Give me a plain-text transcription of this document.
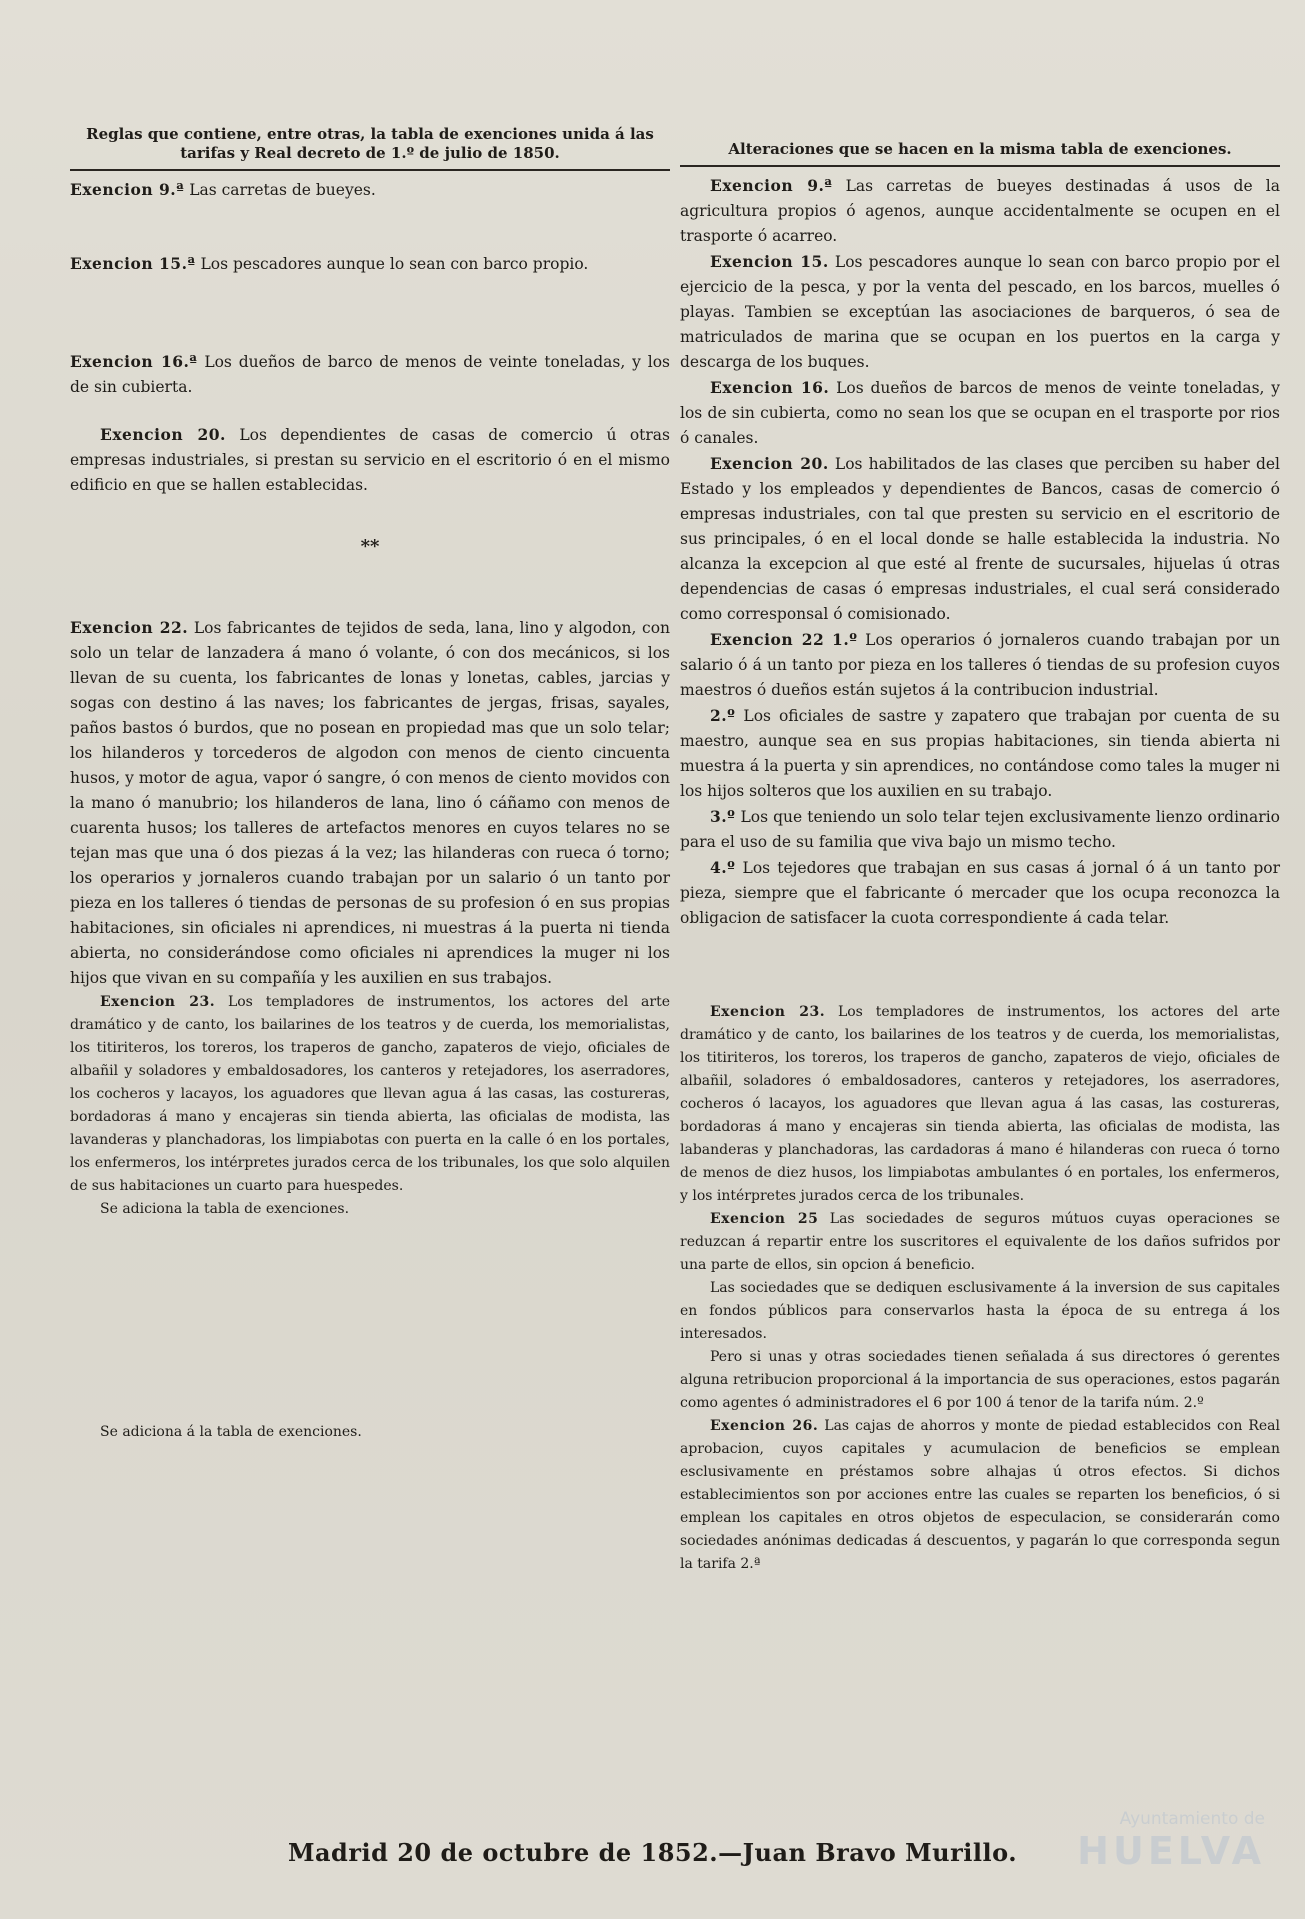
Reglas que contiene, entre otras, la tabla de exenciones unida á las tarifas y Real decreto de 1.º de julio de 1850.

Exencion 9.ª Las carretas de bueyes.

Exencion 15.ª Los pescadores aunque lo sean con barco propio.

Exencion 16.ª Los dueños de barco de menos de veinte toneladas, y los de sin cubierta.

Exencion 20. Los dependientes de casas de comercio ú otras empresas industriales, si prestan su servicio en el escritorio ó en el mismo edificio en que se hallen establecidas.

**

Exencion 22. Los fabricantes de tejidos de seda, lana, lino y algodon, con solo un telar de lanzadera á mano ó volante, ó con dos mecánicos, si los llevan de su cuenta, los fabricantes de lonas y lonetas, cables, jarcias y sogas con destino á las naves; los fabricantes de jergas, frisas, sayales, paños bastos ó burdos, que no posean en propiedad mas que un solo telar; los hilanderos y torcederos de algodon con menos de ciento cincuenta husos, y motor de agua, vapor ó sangre, ó con menos de ciento movidos con la mano ó manubrio; los hilanderos de lana, lino ó cáñamo con menos de cuarenta husos; los talleres de artefactos menores en cuyos telares no se tejan mas que una ó dos piezas á la vez; las hilanderas con rueca ó torno; los operarios y jornaleros cuando trabajan por un salario ó un tanto por pieza en los talleres ó tiendas de personas de su profesion ó en sus propias habitaciones, sin oficiales ni aprendices, ni muestras á la puerta ni tienda abierta, no considerándose como oficiales ni aprendices la muger ni los hijos que vivan en su compañía y les auxilien en sus trabajos.

Exencion 23. Los templadores de instrumentos, los actores del arte dramático y de canto, los bailarines de los teatros y de cuerda, los memorialistas, los titiriteros, los toreros, los traperos de gancho, zapateros de viejo, oficiales de albañil y soladores y embaldosadores, los canteros y retejadores, los aserradores, los cocheros y lacayos, los aguadores que llevan agua á las casas, las costureras, bordadoras á mano y encajeras sin tienda abierta, las oficialas de modista, las lavanderas y planchadoras, los limpiabotas con puerta en la calle ó en los portales, los enfermeros, los intérpretes jurados cerca de los tribunales, los que solo alquilen de sus habitaciones un cuarto para huespedes.

Se adiciona la tabla de exenciones.

Se adiciona á la tabla de exenciones.

Alteraciones que se hacen en la misma tabla de exenciones.

Exencion 9.ª Las carretas de bueyes destinadas á usos de la agricultura propios ó agenos, aunque accidentalmente se ocupen en el trasporte ó acarreo.

Exencion 15. Los pescadores aunque lo sean con barco propio por el ejercicio de la pesca, y por la venta del pescado, en los barcos, muelles ó playas. Tambien se exceptúan las asociaciones de barqueros, ó sea de matriculados de marina que se ocupan en los puertos en la carga y descarga de los buques.

Exencion 16. Los dueños de barcos de menos de veinte toneladas, y los de sin cubierta, como no sean los que se ocupan en el trasporte por rios ó canales.

Exencion 20. Los habilitados de las clases que perciben su haber del Estado y los empleados y dependientes de Bancos, casas de comercio ó empresas industriales, con tal que presten su servicio en el escritorio de sus principales, ó en el local donde se halle establecida la industria. No alcanza la excepcion al que esté al frente de sucursales, hijuelas ú otras dependencias de casas ó empresas industriales, el cual será considerado como corresponsal ó comisionado.

Exencion 22 1.º Los operarios ó jornaleros cuando trabajan por un salario ó á un tanto por pieza en los talleres ó tiendas de su profesion cuyos maestros ó dueños están sujetos á la contribucion industrial.

2.º Los oficiales de sastre y zapatero que trabajan por cuenta de su maestro, aunque sea en sus propias habitaciones, sin tienda abierta ni muestra á la puerta y sin aprendices, no contándose como tales la muger ni los hijos solteros que los auxilien en su trabajo.

3.º Los que teniendo un solo telar tejen exclusivamente lienzo ordinario para el uso de su familia que viva bajo un mismo techo.

4.º Los tejedores que trabajan en sus casas á jornal ó á un tanto por pieza, siempre que el fabricante ó mercader que los ocupa reconozca la obligacion de satisfacer la cuota correspondiente á cada telar.

Exencion 23. Los templadores de instrumentos, los actores del arte dramático y de canto, los bailarines de los teatros y de cuerda, los memorialistas, los titiriteros, los toreros, los traperos de gancho, zapateros de viejo, oficiales de albañil, soladores ó embaldosadores, canteros y retejadores, los aserradores, cocheros ó lacayos, los aguadores que llevan agua á las casas, las costureras, bordadoras á mano y encajeras sin tienda abierta, las oficialas de modista, las labanderas y planchadoras, las cardadoras á mano é hilanderas con rueca ó torno de menos de diez husos, los limpiabotas ambulantes ó en portales, los enfermeros, y los intérpretes jurados cerca de los tribunales.

Exencion 25 Las sociedades de seguros mútuos cuyas operaciones se reduzcan á repartir entre los suscritores el equivalente de los daños sufridos por una parte de ellos, sin opcion á beneficio.

Las sociedades que se dediquen esclusivamente á la inversion de sus capitales en fondos públicos para conservarlos hasta la época de su entrega á los interesados.

Pero si unas y otras sociedades tienen señalada á sus directores ó gerentes alguna retribucion proporcional á la importancia de sus operaciones, estos pagarán como agentes ó administradores el 6 por 100 á tenor de la tarifa núm. 2.º

Exencion 26. Las cajas de ahorros y monte de piedad establecidos con Real aprobacion, cuyos capitales y acumulacion de beneficios se emplean esclusivamente en préstamos sobre alhajas ú otros efectos. Si dichos establecimientos son por acciones entre las cuales se reparten los beneficios, ó si emplean los capitales en otros objetos de especulacion, se considerarán como sociedades anónimas dedicadas á descuentos, y pagarán lo que corresponda segun la tarifa 2.ª

Madrid 20 de octubre de 1852.—Juan Bravo Murillo.
Ayuntamiento de
HUELVA
